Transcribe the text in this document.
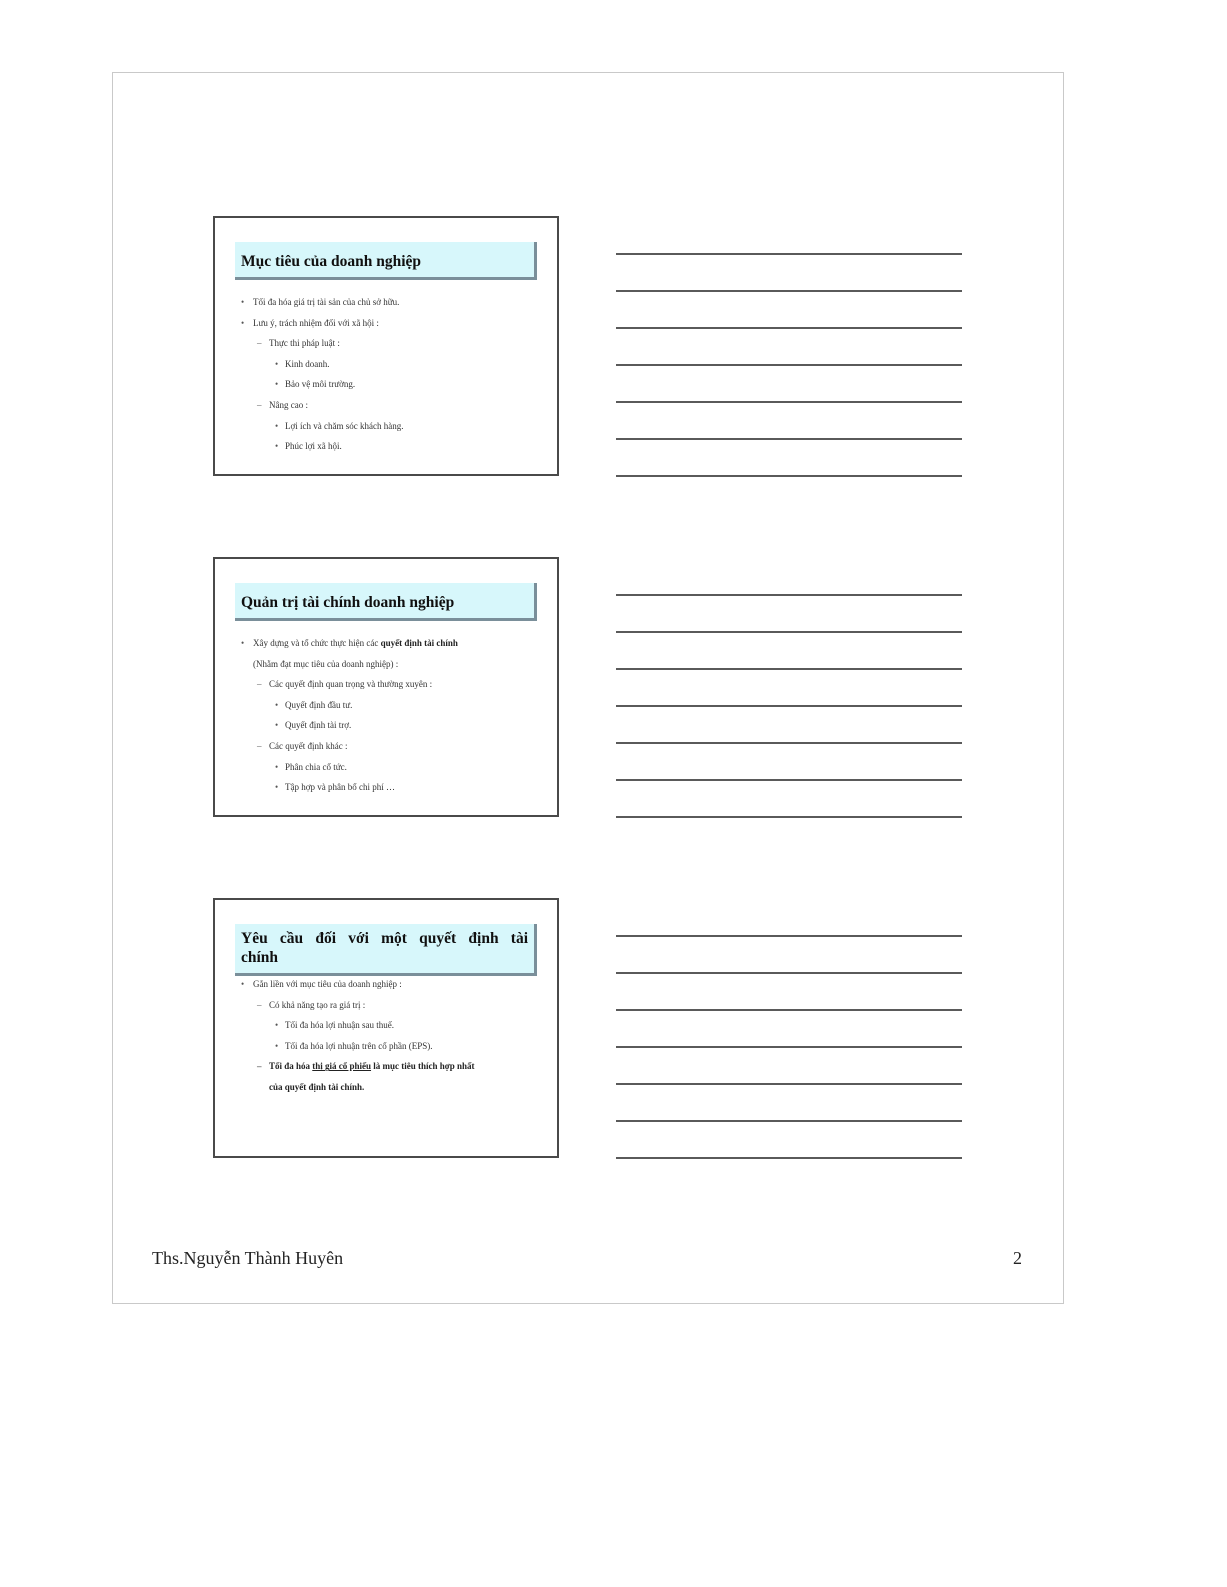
Mục tiêu của doanh nghiệp
• Tối đa hóa giá trị tài sản của chủ sở hữu.
• Lưu ý, trách nhiệm đối với xã hội :
– Thực thi pháp luật :
• Kinh doanh.
• Bảo vệ môi trường.
– Nâng cao :
• Lợi ích và chăm sóc khách hàng.
• Phúc lợi xã hội.
Quản trị tài chính doanh nghiệp
• Xây dựng và tổ chức thực hiện các quyết định tài chính
(Nhằm đạt mục tiêu của doanh nghiệp) :
– Các quyết định quan trọng và thường xuyên :
• Quyết định đầu tư.
• Quyết định tài trợ.
– Các quyết định khác :
• Phân chia cổ tức.
• Tập hợp và phân bổ chi phí …
Yêu cầu đối với một quyết định tài chính
• Gắn liền với mục tiêu của doanh nghiệp :
– Có khả năng tạo ra giá trị :
• Tối đa hóa lợi nhuận sau thuế.
• Tối đa hóa lợi nhuận trên cổ phần (EPS).
– Tối đa hóa thị giá cổ phiếu là mục tiêu thích hợp nhất
của quyết định tài chính.
Ths.Nguyễn Thành Huyên	2
